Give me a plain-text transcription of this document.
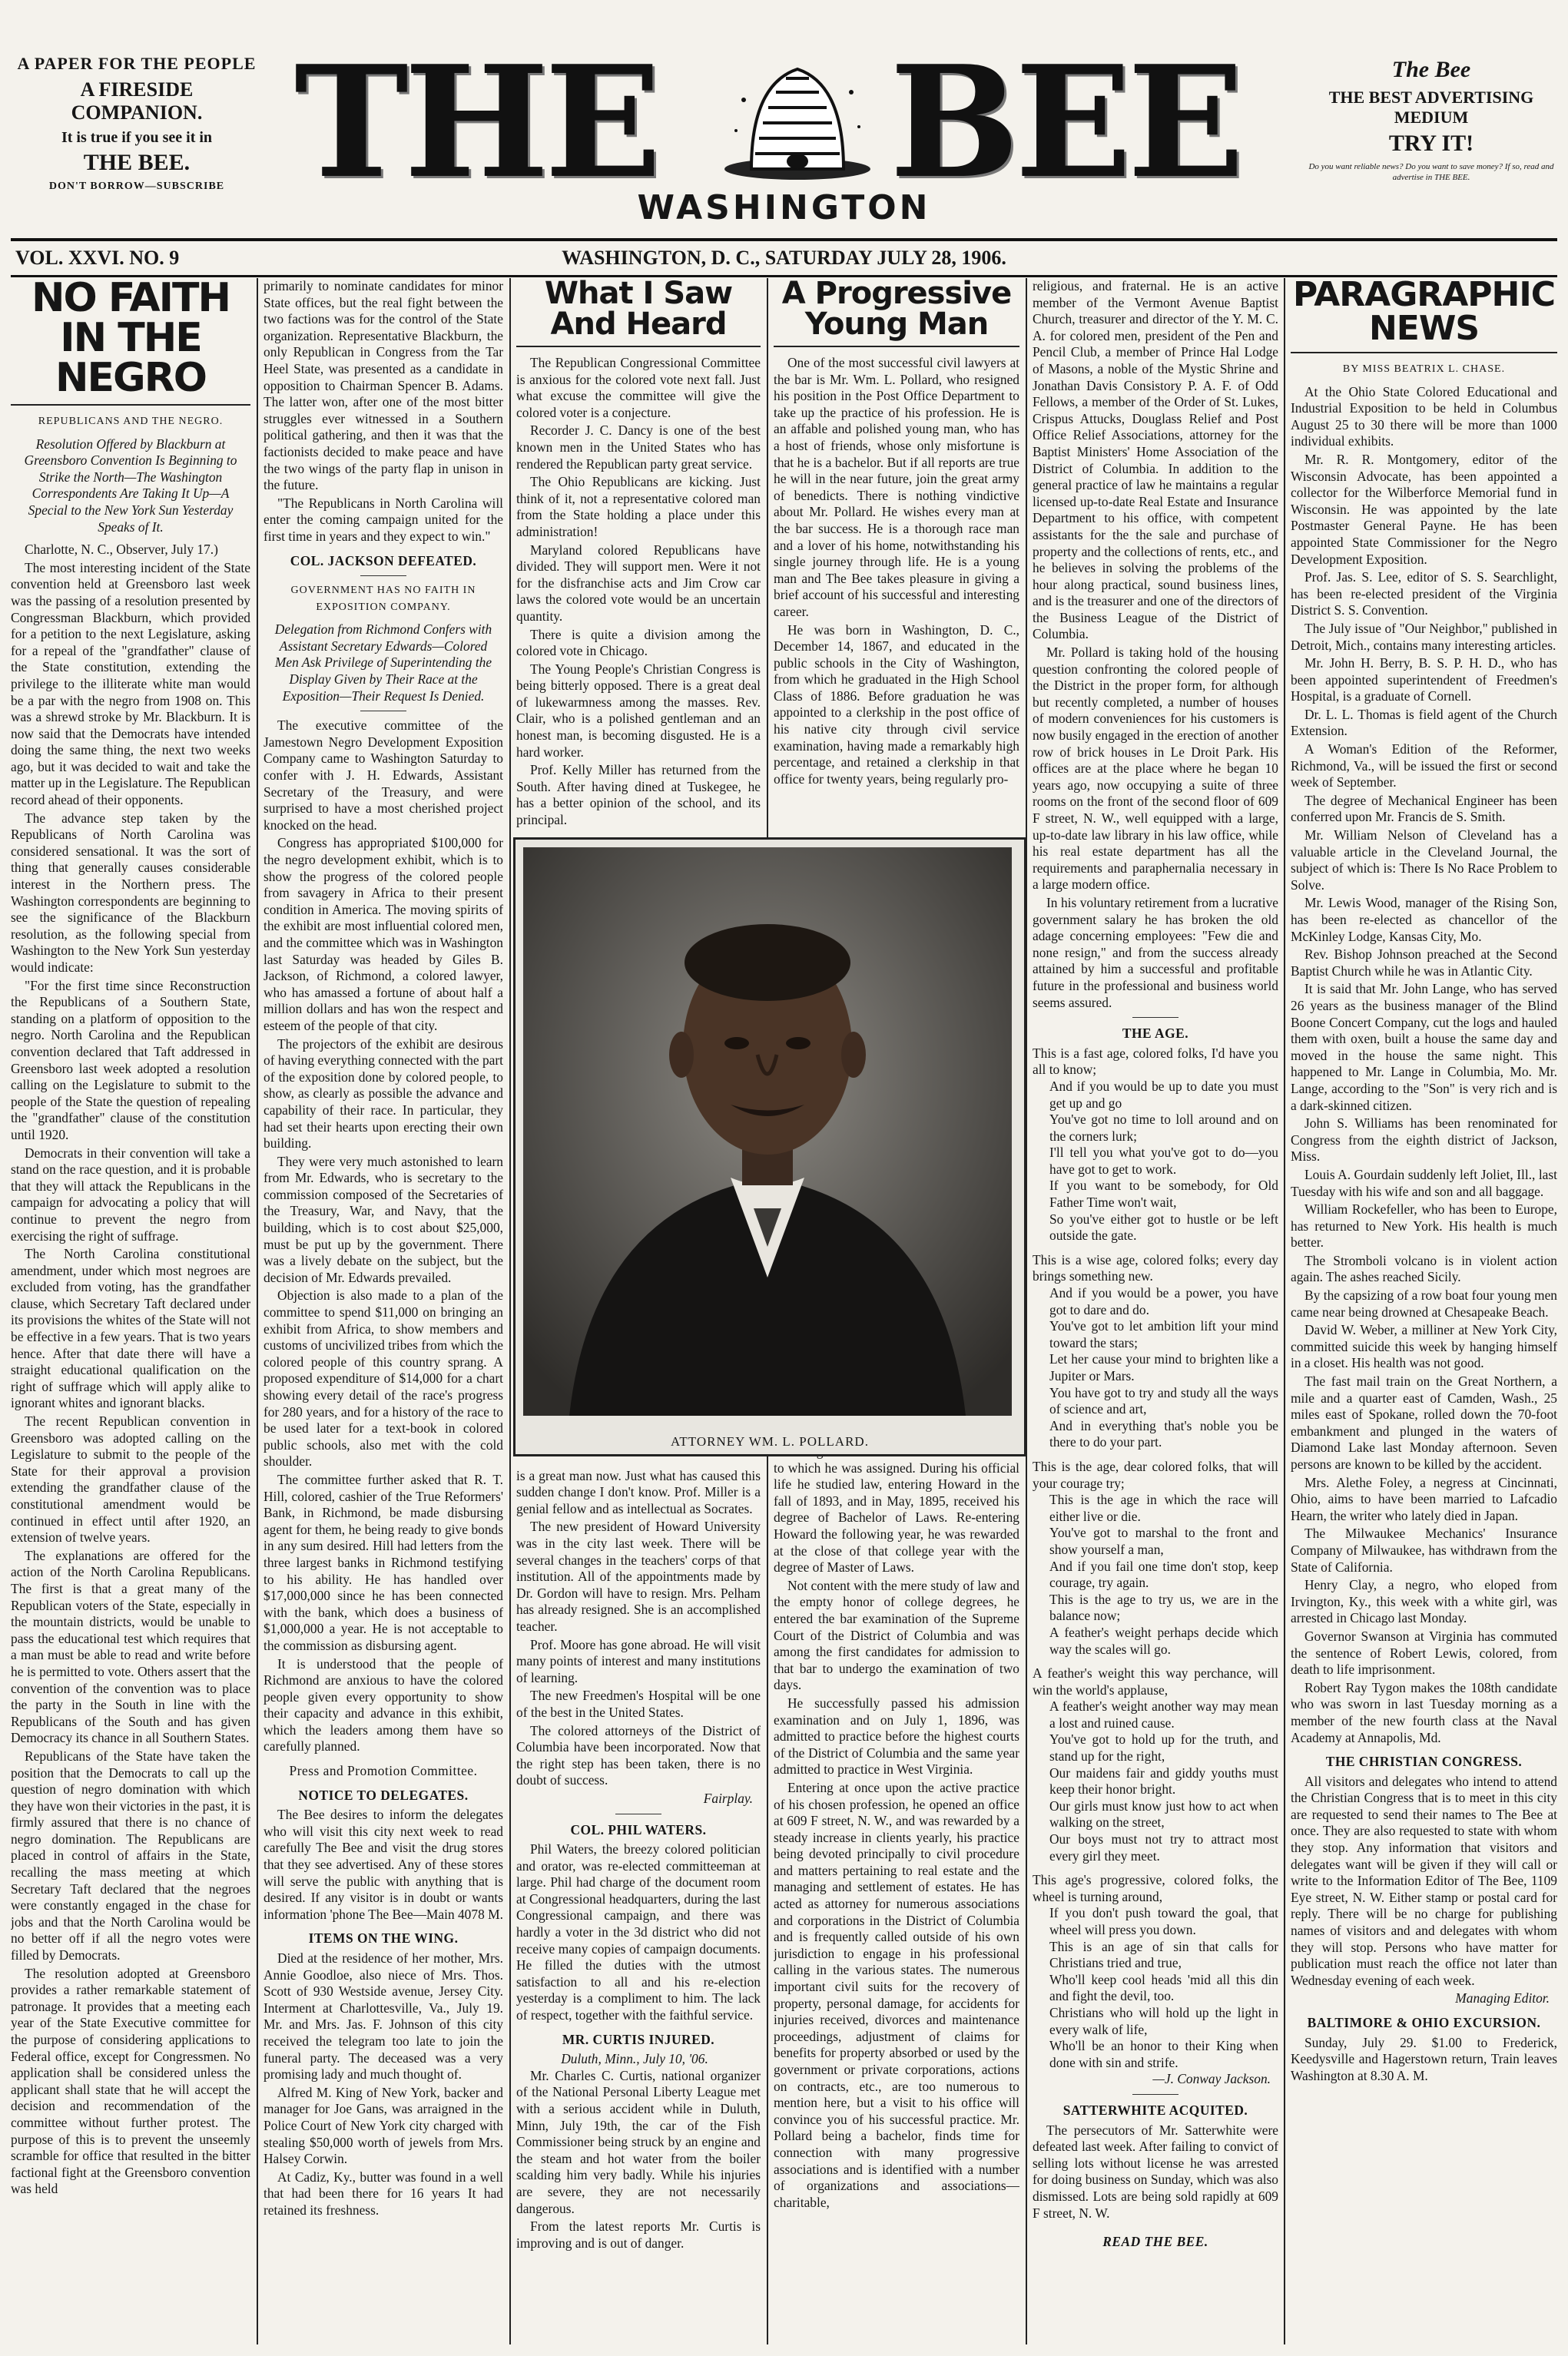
A PAPER FOR THE PEOPLE
A FIRESIDE COMPANION.
It is true if you see it in
THE BEE.
DON'T BORROW—SUBSCRIBE THE BEE
WASHINGTON
The Bee
THE BEST ADVERTISING MEDIUM
TRY IT!
Do you want reliable news? Do you want to save money? If so, read and advertise in THE BEE.
VOL. XXVI. NO. 9	WASHINGTON, D. C., SATURDAY JULY 28, 1906.
NO FAITH IN THE NEGRO
REPUBLICANS AND THE NEGRO.
Resolution Offered by Blackburn at Greensboro Convention Is Beginning to Strike the North—The Washington Correspondents Are Taking It Up—A Special to the New York Sun Yesterday Speaks of It.

Charlotte, N. C., Observer, July 17.)

The most interesting incident of the State convention held at Greensboro last week was the passing of a resolution presented by Congressman Blackburn, which provided for a petition to the next Legislature, asking for a repeal of the "grandfather" clause of the State constitution, extending the privilege to the illiterate white man would be a par with the negro from 1908 on. This was a shrewd stroke by Mr. Blackburn. It is now said that the Democrats have intended doing the same thing, the next two weeks ago, but it was decided to wait and take the matter up in the Legislature. The Republican record ahead of their opponents.

The advance step taken by the Republicans of North Carolina was considered sensational. It was the sort of thing that generally causes considerable interest in the Northern press. The Washington correspondents are beginning to see the significance of the Blackburn resolution, as the following special from Washington to the New York Sun yesterday would indicate:

"For the first time since Reconstruction the Republicans of a Southern State, standing on a platform of opposition to the negro. North Carolina and the Republican convention declared that Taft addressed in Greensboro last week adopted a resolution calling on the Legislature to submit to the people of the State the question of repealing the "grandfather" clause of the constitution until 1920.

Democrats in their convention will take a stand on the race question, and it is probable that they will attack the Republicans in the campaign for advocating a policy that will continue to prevent the negro from exercising the right of suffrage.

The North Carolina constitutional amendment, under which most negroes are excluded from voting, has the grandfather clause, which Secretary Taft declared under its provisions the whites of the State will not be effective in a few years. That is two years hence. After that date there will have a straight educational qualification on the right of suffrage which will apply alike to ignorant whites and ignorant blacks.

The recent Republican convention in Greensboro was adopted calling on the Legislature to submit to the people of the State for their approval a provision extending the grandfather clause of the constitutional amendment would be continued in effect until after 1920, an extension of twelve years.

The explanations are offered for the action of the North Carolina Republicans. The first is that a great many of the Republican voters of the State, especially in the mountain districts, would be unable to pass the educational test which requires that a man must be able to read and write before he is permitted to vote. Others assert that the convention of the convention was to place the party in the South in line with the Republicans of the South and has given Democracy its chance in all Southern States.

Republicans of the State have taken the position that the Democrats to call up the question of negro domination with which they have won their victories in the past, it is firmly assured that there is no chance of negro domination. The Republicans are placed in control of affairs in the State, recalling the mass meeting at which Secretary Taft declared that the negroes were constantly engaged in the chase for jobs and that the North Carolina would be no better off if all the negro votes were filled by Democrats.

The resolution adopted at Greensboro provides a rather remarkable statement of patronage. It provides that a meeting each year of the State Executive committee for the purpose of considering applications to Federal office, except for Congressmen. No application shall be considered unless the applicant shall state that he will accept the decision and recommendation of the committee without further protest. The purpose of this is to prevent the unseemly scramble for office that resulted in the bitter factional fight at the Greensboro convention was held

primarily to nominate candidates for minor State offices, but the real fight between the two factions was for the control of the State organization. Representative Blackburn, the only Republican in Congress from the Tar Heel State, was presented as a candidate in opposition to Chairman Spencer B. Adams. The latter won, after one of the most bitter struggles ever witnessed in a Southern political gathering, and then it was that the factionists decided to make peace and have the two wings of the party flap in unison in the future.

"The Republicans in North Carolina will enter the coming campaign united for the first time in years and they expect to win."

COL. JACKSON DEFEATED.
GOVERNMENT HAS NO FAITH IN EXPOSITION COMPANY.
Delegation from Richmond Confers with Assistant Secretary Edwards—Colored Men Ask Privilege of Superintending the Display Given by Their Race at the Exposition—Their Request Is Denied.

The executive committee of the Jamestown Negro Development Exposition Company came to Washington Saturday to confer with J. H. Edwards, Assistant Secretary of the Treasury, and were surprised to have a most cherished project knocked on the head.

Congress has appropriated $100,000 for the negro development exhibit, which is to show the progress of the colored people from savagery in Africa to their present condition in America. The moving spirits of the exhibit are most influential colored men, and the committee which was in Washington last Saturday was headed by Giles B. Jackson, of Richmond, a colored lawyer, who has amassed a fortune of about half a million dollars and has won the respect and esteem of the people of that city.

The projectors of the exhibit are desirous of having everything connected with the part of the exposition done by colored people, to show, as clearly as possible the advance and capability of their race. In particular, they had set their hearts upon erecting their own building.

They were very much astonished to learn from Mr. Edwards, who is secretary to the commission composed of the Secretaries of the Treasury, War, and Navy, that the building, which is to cost about $25,000, must be put up by the government. There was a lively debate on the subject, but the decision of Mr. Edwards prevailed.

Objection is also made to a plan of the committee to spend $11,000 on bringing an exhibit from Africa, to show members and customs of uncivilized tribes from which the colored people of this country sprang. A proposed expenditure of $14,000 for a chart showing every detail of the race's progress for 280 years, and for a history of the race to be used later for a text-book in colored public schools, also met with the cold shoulder.

The committee further asked that R. T. Hill, colored, cashier of the True Reformers' Bank, in Richmond, be made disbursing agent for them, he being ready to give bonds in any sum desired. Hill had letters from the three largest banks in Richmond testifying to his ability. He has handled over $17,000,000 since he has been connected with the bank, which does a business of $1,000,000 a year. He is not acceptable to the commission as disbursing agent.

It is understood that the people of Richmond are anxious to have the colored people given every opportunity to show their capacity and advance in this exhibit, which the leaders among them have so carefully planned.

Press and Promotion Committee.
NOTICE TO DELEGATES.

The Bee desires to inform the delegates who will visit this city next week to read carefully The Bee and visit the drug stores that they see advertised. Any of these stores will serve the public with anything that is desired. If any visitor is in doubt or wants information 'phone The Bee—Main 4078 M.

ITEMS ON THE WING.

Died at the residence of her mother, Mrs. Annie Goodloe, also niece of Mrs. Thos. Scott of 930 Westside avenue, Jersey City. Interment at Charlottesville, Va., July 19. Mr. and Mrs. Jas. F. Johnson of this city received the telegram too late to join the funeral party. The deceased was a very promising lady and much thought of.

Alfred M. King of New York, backer and manager for Joe Gans, was arraigned in the Police Court of New York city charged with stealing $50,000 worth of jewels from Mrs. Halsey Corwin.

At Cadiz, Ky., butter was found in a well that had been there for 16 years It had retained its freshness.

What I Saw And Heard

The Republican Congressional Committee is anxious for the colored vote next fall. Just what excuse the committee will give the colored voter is a conjecture.

Recorder J. C. Dancy is one of the best known men in the United States who has rendered the Republican party great service.

The Ohio Republicans are kicking. Just think of it, not a representative colored man from the State holding a place under this administration!

Maryland colored Republicans have divided. They will support men. Were it not for the disfranchise acts and Jim Crow car laws the colored vote would be an uncertain quantity.

There is quite a division among the colored vote in Chicago.

The Young People's Christian Congress is being bitterly opposed. There is a great deal of lukewarmness among the masses. Rev. Clair, who is a polished gentleman and an honest man, is becoming disgusted. He is a hard worker.

Prof. Kelly Miller has returned from the South. After having dined at Tuskegee, he has a better opinion of the school, and its principal.

is a great man now. Just what has caused this sudden change I don't know. Prof. Miller is a genial fellow and as intellectual as Socrates.

The new president of Howard University was in the city last week. There will be several changes in the teachers' corps of that institution. All of the appointments made by Dr. Gordon will have to resign. Mrs. Pelham has already resigned. She is an accomplished teacher.

Prof. Moore has gone abroad. He will visit many points of interest and many institutions of learning.

The new Freedmen's Hospital will be one of the best in the United States.

The colored attorneys of the District of Columbia have been incorporated. Now that the right step has been taken, there is no doubt of success.

Fairplay.
COL. PHIL WATERS.

Phil Waters, the breezy colored politician and orator, was re-elected committeeman at large. Phil had charge of the document room at Congressional headquarters, during the last Congressional campaign, and there was hardly a voter in the 3d district who did not receive many copies of campaign documents. He filled the duties with the utmost satisfaction to all and his re-election yesterday is a compliment to him. The lack of respect, together with the faithful service.

MR. CURTIS INJURED.
Duluth, Minn., July 10, '06.

Mr. Charles C. Curtis, national organizer of the National Personal Liberty League met with a serious accident while in Duluth, Minn, July 19th, the car of the Fish Commissioner being struck by an engine and the steam and hot water from the boiler scalding him very badly. While his injuries are severe, they are not necessarily dangerous.

From the latest reports Mr. Curtis is improving and is out of danger.

A Progressive Young Man

One of the most successful civil lawyers at the bar is Mr. Wm. L. Pollard, who resigned his position in the Post Office Department to take up the practice of his profession. He is an affable and polished young man, who has a host of friends, whose only misfortune is that he is a bachelor. But if all reports are true he will in the near future, join the great army of benedicts. There is nothing vindictive about Mr. Pollard. He wishes every man at the bar success. He is a thorough race man and a lover of his home, notwithstanding his single journey through life. He is a young man and The Bee takes pleasure in giving a brief account of his successful and interesting career.

He was born in Washington, D. C., December 14, 1867, and educated in the public schools in the City of Washington, from which he graduated in the High School Class of 1886. Before graduation he was appointed to a clerkship in the post office of his native city through civil service examination, having made a remarkably high percentage, and retained a clerkship in that office for twenty years, being regularly pro-

to which he was assigned. During his official life he studied law, entering Howard in the fall of 1893, and in May, 1895, received his degree of Bachelor of Laws. Re-entering Howard the following year, he was rewarded at the close of that college year with the degree of Master of Laws.

Not content with the mere study of law and the empty honor of college degrees, he entered the bar examination of the Supreme Court of the District of Columbia and was among the first candidates for admission to that bar to undergo the examination of two days.

He successfully passed his admission examination and on July 1, 1896, was admitted to practice before the highest courts of the District of Columbia and the same year admitted to practice in West Virginia.

Entering at once upon the active practice of his chosen profession, he opened an office at 609 F street, N. W., and was rewarded by a steady increase in clients yearly, his practice being devoted principally to civil procedure and matters pertaining to real estate and the managing and settlement of estates. He has acted as attorney for numerous associations and corporations in the District of Columbia and is frequently called outside of his own jurisdiction to engage in his professional calling in the various states. The numerous important civil suits for the recovery of property, personal damage, for accidents for injuries received, divorces and maintenance proceedings, adjustment of claims for benefits for property absorbed or used by the government or private corporations, actions on contracts, etc., are too numerous to mention here, but a visit to his office will convince you of his successful practice. Mr. Pollard being a bachelor, finds time for connection with many progressive associations and is identified with a number of organizations and associations—charitable,

ATTORNEY WM. L. POLLARD.

religious, and fraternal. He is an active member of the Vermont Avenue Baptist Church, treasurer and director of the Y. M. C. A. for colored men, president of the Pen and Pencil Club, a member of Prince Hal Lodge of Masons, a noble of the Mystic Shrine and Jonathan Davis Consistory P. A. F. of Odd Fellows, a member of the Order of St. Lukes, Crispus Attucks, Douglass Relief and Post Office Relief Associations, attorney for the Baptist Ministers' Home Association of the District of Columbia. In addition to the general practice of law he maintains a regular licensed up-to-date Real Estate and Insurance Department to his office, with competent assistants for the the sale and purchase of property and the collections of rents, etc., and he believes in solving the problems of the hour along practical, sound business lines, and is the treasurer and one of the directors of the Business League of the District of Columbia.

Mr. Pollard is taking hold of the housing question confronting the colored people of the District in the proper form, for although but recently completed, a number of houses of modern conveniences for his customers is now busily engaged in the erection of another row of brick houses in Le Droit Park. His offices are at the place where he began 10 years ago, now occupying a suite of three rooms on the front of the second floor of 609 F street, N. W., well equipped with a large, up-to-date law library in his law office, while his real estate department has all the requirements and paraphernalia necessary in a large modern office.

In his voluntary retirement from a lucrative government salary he has broken the old adage concerning employees: "Few die and none resign," and from the success already attained by him a successful and profitable future in the professional and business world seems assured.

THE AGE.

This is a fast age, colored folks, I'd have you all to know;

And if you would be up to date you must get up and go

You've got no time to loll around and on the corners lurk;

I'll tell you what you've got to do—you have got to get to work.

If you want to be somebody, for Old Father Time won't wait,

So you've either got to hustle or be left outside the gate.

This is a wise age, colored folks; every day brings something new.

And if you would be a power, you have got to dare and do.

You've got to let ambition lift your mind toward the stars;

Let her cause your mind to brighten like a Jupiter or Mars.

You have got to try and study all the ways of science and art,

And in everything that's noble you be there to do your part.

This is the age, dear colored folks, that will your courage try;

This is the age in which the race will either live or die.

You've got to marshal to the front and show yourself a man,

And if you fail one time don't stop, keep courage, try again.

This is the age to try us, we are in the balance now;

A feather's weight perhaps decide which way the scales will go.

A feather's weight this way perchance, will win the world's applause,

A feather's weight another way may mean a lost and ruined cause.

You've got to hold up for the truth, and stand up for the right,

Our maidens fair and giddy youths must keep their honor bright.

Our girls must know just how to act when walking on the street,

Our boys must not try to attract most every girl they meet.

This age's progressive, colored folks, the wheel is turning around,

If you don't push toward the goal, that wheel will press you down.

This is an age of sin that calls for Christians tried and true,

Who'll keep cool heads 'mid all this din and fight the devil, too.

Christians who will hold up the light in every walk of life,

Who'll be an honor to their King when done with sin and strife.

—J. Conway Jackson.
SATTERWHITE ACQUITED.

The persecutors of Mr. Satterwhite were defeated last week. After failing to convict of selling lots without license he was arrested for doing business on Sunday, which was also dismissed. Lots are being sold rapidly at 609 F street, N. W.

READ THE BEE.
PARAGRAPHIC NEWS
BY MISS BEATRIX L. CHASE.

At the Ohio State Colored Educational and Industrial Exposition to be held in Columbus August 25 to 30 there will be more than 1000 individual exhibits.

Mr. R. R. Montgomery, editor of the Wisconsin Advocate, has been appointed a collector for the Wilberforce Memorial fund in Wisconsin. He was appointed by the late Postmaster General Payne. He has been appointed State Commissioner for the Negro Development Exposition.

Prof. Jas. S. Lee, editor of S. S. Searchlight, has been re-elected president of the Virginia District S. S. Convention.

The July issue of "Our Neighbor," published in Detroit, Mich., contains many interesting articles.

Mr. John H. Berry, B. S. P. H. D., who has been appointed superintendent of Freedmen's Hospital, is a graduate of Cornell.

Dr. L. L. Thomas is field agent of the Church Extension.

A Woman's Edition of the Reformer, Richmond, Va., will be issued the first or second week of September.

The degree of Mechanical Engineer has been conferred upon Mr. Francis de S. Smith.

Mr. William Nelson of Cleveland has a valuable article in the Cleveland Journal, the subject of which is: There Is No Race Problem to Solve.

Mr. Lewis Wood, manager of the Rising Son, has been re-elected as chancellor of the McKinley Lodge, Kansas City, Mo.

Rev. Bishop Johnson preached at the Second Baptist Church while he was in Atlantic City.

It is said that Mr. John Lange, who has served 26 years as the business manager of the Blind Boone Concert Company, cut the logs and hauled them with oxen, built a house the same day and moved in the house the same night. This happened to Mr. Lange in Columbia, Mo. Mr. Lange, according to the "Son" is very rich and is a dark-skinned citizen.

John S. Williams has been renominated for Congress from the eighth district of Jackson, Miss.

Louis A. Gourdain suddenly left Joliet, Ill., last Tuesday with his wife and son and all baggage.

William Rockefeller, who has been to Europe, has returned to New York. His health is much better.

The Stromboli volcano is in violent action again. The ashes reached Sicily.

By the capsizing of a row boat four young men came near being drowned at Chesapeake Beach.

David W. Weber, a milliner at New York City, committed suicide this week by hanging himself in a closet. His health was not good.

The fast mail train on the Great Northern, a mile and a quarter east of Camden, Wash., 25 miles east of Spokane, rolled down the 70-foot embankment and plunged in the waters of Diamond Lake last Monday afternoon. Seven persons are known to be killed by the accident.

Mrs. Alethe Foley, a negress at Cincinnati, Ohio, aims to have been married to Lafcadio Hearn, the writer who lately died in Japan.

The Milwaukee Mechanics' Insurance Company of Milwaukee, has withdrawn from the State of California.

Henry Clay, a negro, who eloped from Irvington, Ky., this week with a white girl, was arrested in Chicago last Monday.

Governor Swanson at Virginia has commuted the sentence of Robert Lewis, colored, from death to life imprisonment.

Robert Ray Tygon makes the 108th candidate who was sworn in last Tuesday morning as a member of the new fourth class at the Naval Academy at Annapolis, Md.

THE CHRISTIAN CONGRESS.

All visitors and delegates who intend to attend the Christian Congress that is to meet in this city are requested to send their names to The Bee at once. They are also requested to state with whom they stop. Any information that visitors and delegates want will be given if they will call or write to the Information Editor of The Bee, 1109 Eye street, N. W. Either stamp or postal card for reply. There will be no charge for publishing names of visitors and and delegates with whom they will stop. Persons who have matter for publication must reach the office not later than Wednesday evening of each week.

Managing Editor.
BALTIMORE & OHIO EXCURSION.

Sunday, July 29. $1.00 to Frederick, Keedysville and Hagerstown return, Train leaves Washington at 8.30 A. M.
